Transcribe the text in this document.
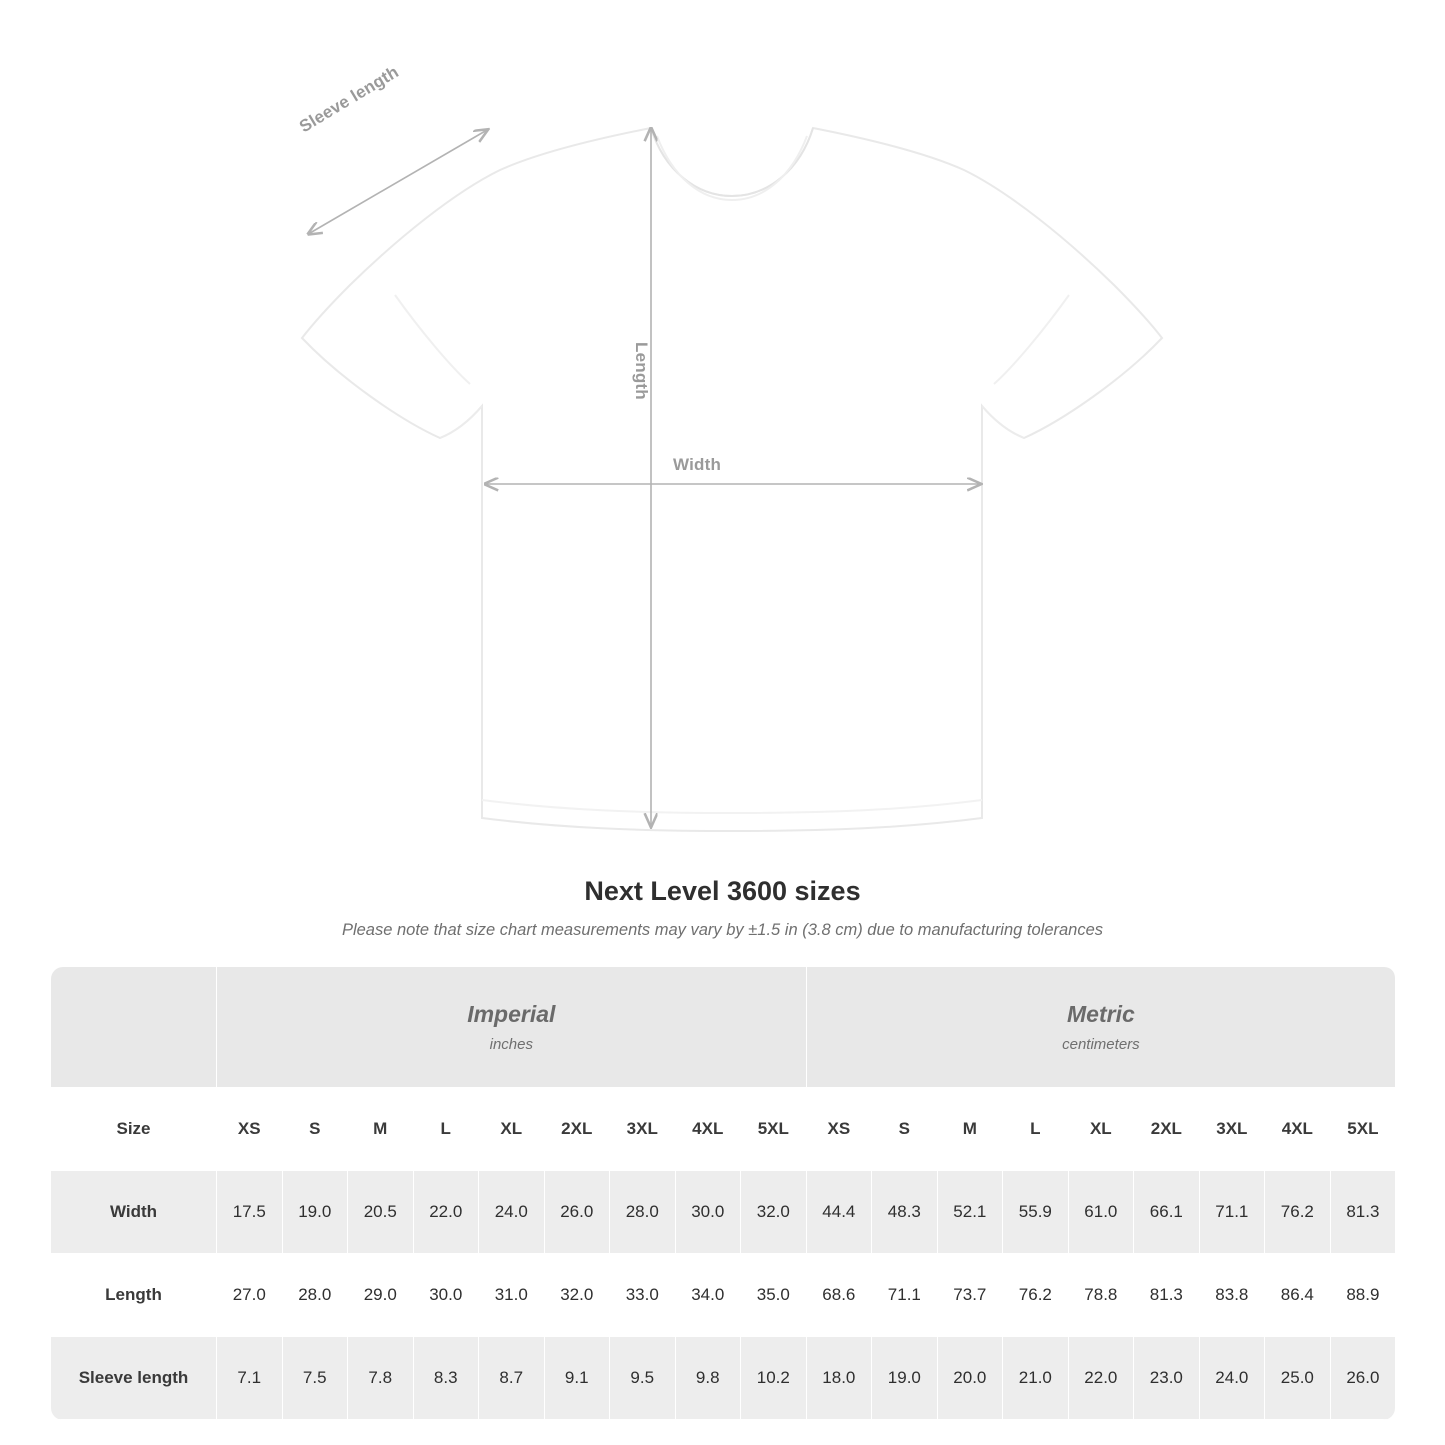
Sleeve length
Length
Width
Next Level 3600 sizes

Please note that size chart measurements may vary by ±1.5 in (3.8 cm) due to manufacturing tolerances

	Imperial
inches									Metric
centimeters								

Size	XS	S	M	L	XL	2XL	3XL	4XL	5XL	XS	S	M	L	XL	2XL	3XL	4XL	5XL
Width	17.5	19.0	20.5	22.0	24.0	26.0	28.0	30.0	32.0	44.4	48.3	52.1	55.9	61.0	66.1	71.1	76.2	81.3
Length	27.0	28.0	29.0	30.0	31.0	32.0	33.0	34.0	35.0	68.6	71.1	73.7	76.2	78.8	81.3	83.8	86.4	88.9
Sleeve length	7.1	7.5	7.8	8.3	8.7	9.1	9.5	9.8	10.2	18.0	19.0	20.0	21.0	22.0	23.0	24.0	25.0	26.0
